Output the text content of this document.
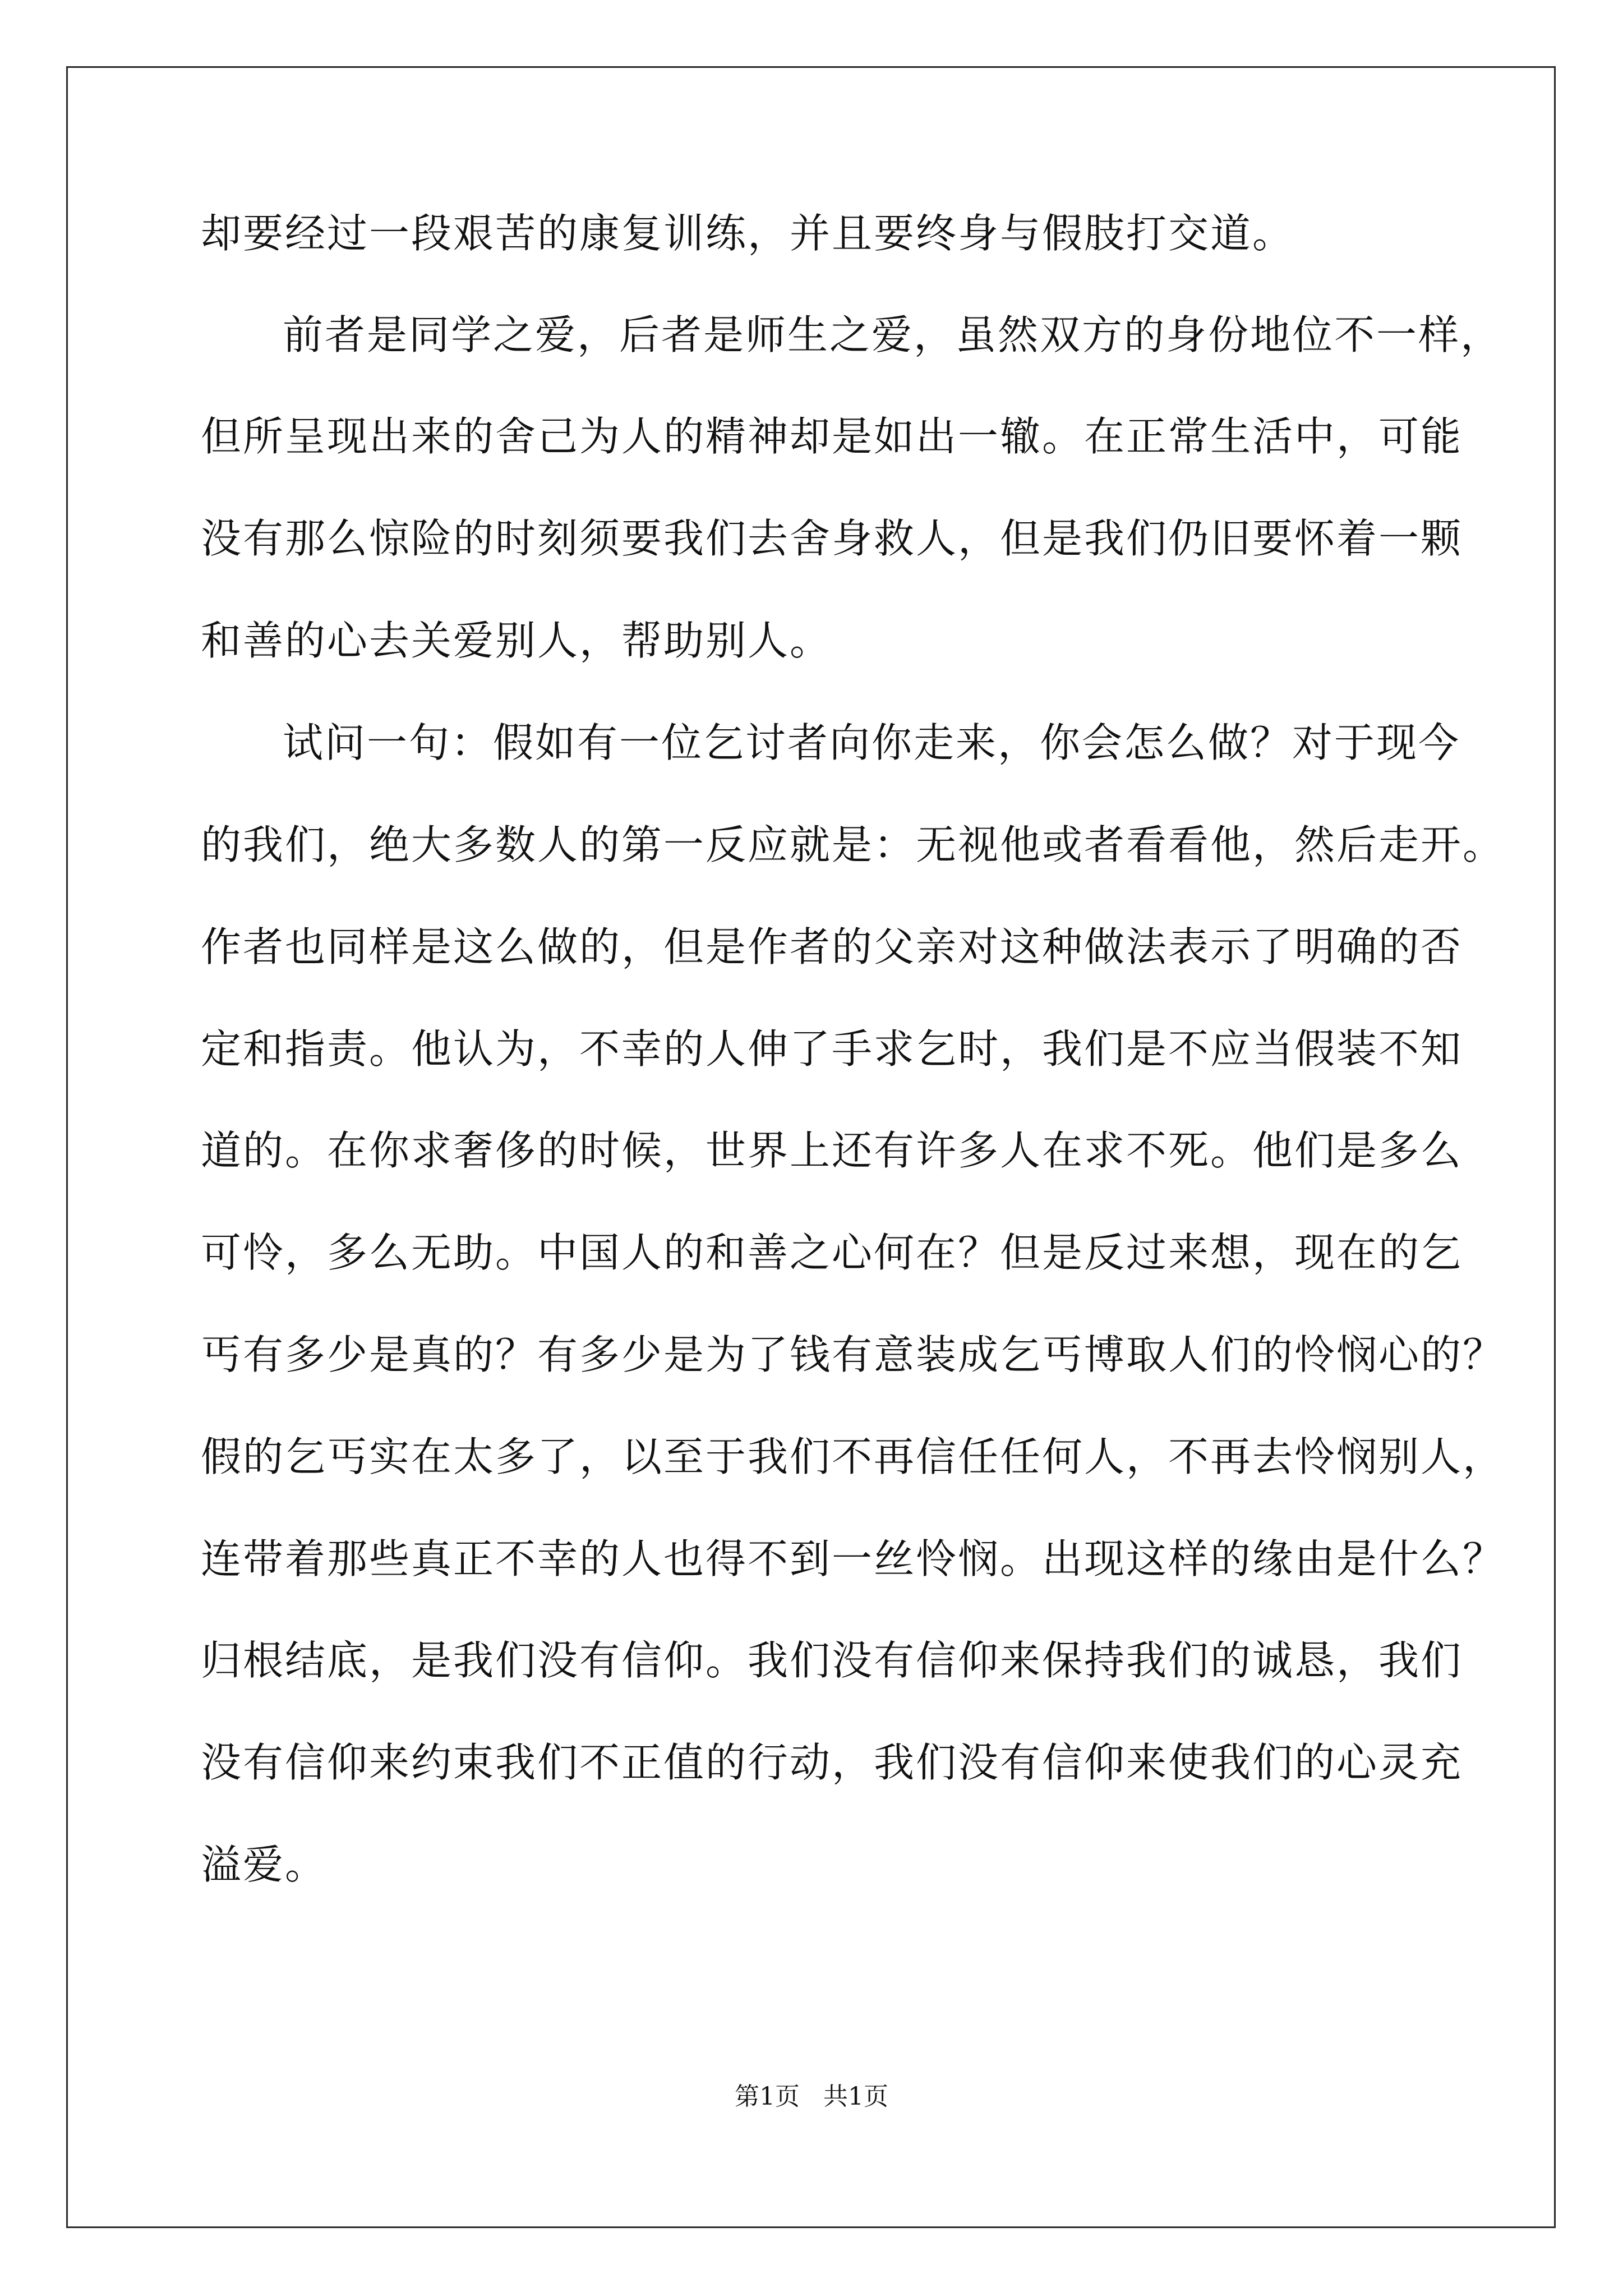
却要经过一段艰苦的康复训练，并且要终身与假肢打交道。
前者是同学之爱，后者是师生之爱，虽然双方的身份地位不一样，
但所呈现出来的舍己为人的精神却是如出一辙。在正常生活中，可能
没有那么惊险的时刻须要我们去舍身救人，但是我们仍旧要怀着一颗
和善的心去关爱别人，帮助别人。
试问一句：假如有一位乞讨者向你走来，你会怎么做？对于现今
的我们，绝大多数人的第一反应就是：无视他或者看看他，然后走开。
作者也同样是这么做的，但是作者的父亲对这种做法表示了明确的否
定和指责。他认为，不幸的人伸了手求乞时，我们是不应当假装不知
道的。在你求奢侈的时候，世界上还有许多人在求不死。他们是多么
可怜，多么无助。中国人的和善之心何在？但是反过来想，现在的乞
丐有多少是真的？有多少是为了钱有意装成乞丐博取人们的怜悯心的？
假的乞丐实在太多了，以至于我们不再信任任何人，不再去怜悯别人，
连带着那些真正不幸的人也得不到一丝怜悯。出现这样的缘由是什么？
归根结底，是我们没有信仰。我们没有信仰来保持我们的诚恳，我们
没有信仰来约束我们不正值的行动，我们没有信仰来使我们的心灵充
溢爱。
第1页   共1页
